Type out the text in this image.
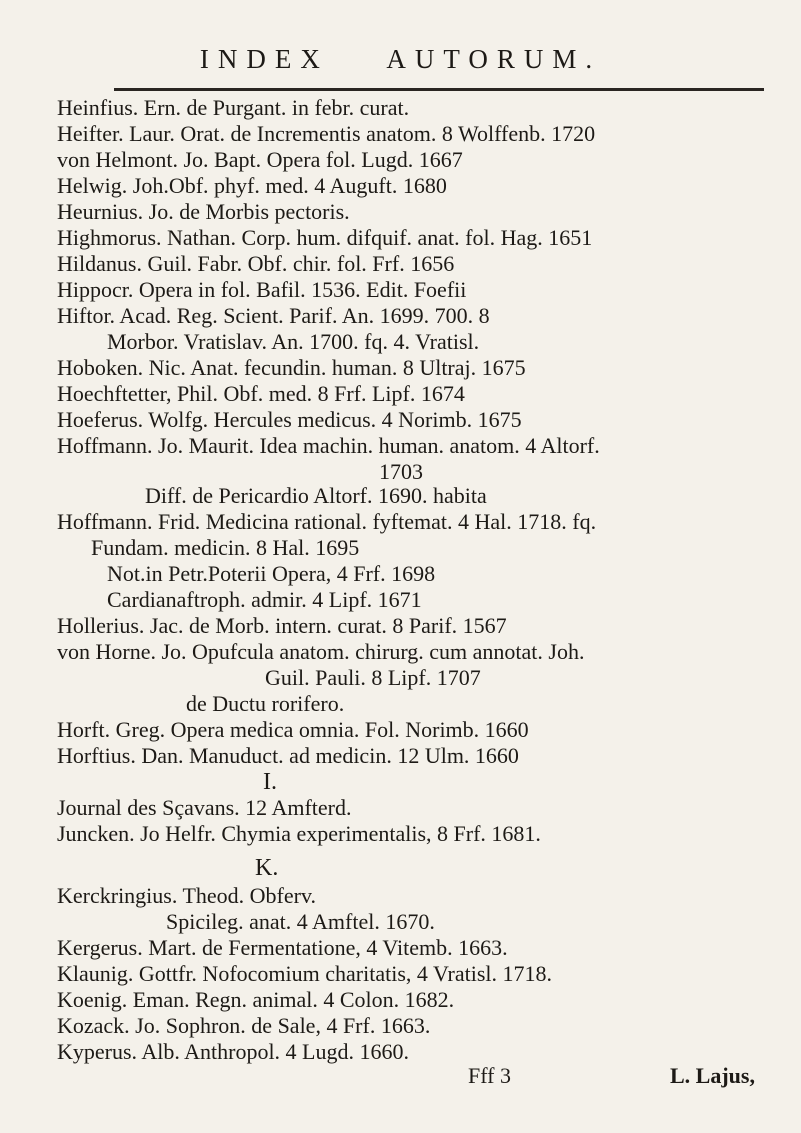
INDEX AUTORUM.
Heinfius. Ern. de Purgant. in febr. curat.
Heifter. Laur. Orat. de Incrementis anatom. 8 Wolffenb. 1720
von Helmont. Jo. Bapt. Opera fol. Lugd. 1667
Helwig. Joh.Obf. phyf. med. 4 Auguft. 1680
Heurnius. Jo. de Morbis pectoris.
Highmorus. Nathan. Corp. hum. difquif. anat. fol. Hag. 1651
Hildanus. Guil. Fabr. Obf. chir. fol. Frf. 1656
Hippocr. Opera in fol. Bafil. 1536. Edit. Foefii
Hiftor. Acad. Reg. Scient. Parif. An. 1699. 700. 8
Morbor. Vratislav. An. 1700. fq. 4. Vratisl.
Hoboken. Nic. Anat. fecundin. human. 8 Ultraj. 1675
Hoechftetter, Phil. Obf. med. 8 Frf. Lipf. 1674
Hoeferus. Wolfg. Hercules medicus. 4 Norimb. 1675
Hoffmann. Jo. Maurit. Idea machin. human. anatom. 4 Altorf.
1703
Diff. de Pericardio Altorf. 1690. habita
Hoffmann. Frid. Medicina rational. fyftemat. 4 Hal. 1718. fq.
Fundam. medicin. 8 Hal. 1695
Not.in Petr.Poterii Opera, 4 Frf. 1698
Cardianaftroph. admir. 4 Lipf. 1671
Hollerius. Jac. de Morb. intern. curat. 8 Parif. 1567
von Horne. Jo. Opufcula anatom. chirurg. cum annotat. Joh.
Guil. Pauli. 8 Lipf. 1707
de Ductu rorifero.
Horft. Greg. Opera medica omnia. Fol. Norimb. 1660
Horftius. Dan. Manuduct. ad medicin. 12 Ulm. 1660
I.
Journal des Sçavans. 12 Amfterd.
Juncken. Jo Helfr. Chymia experimentalis, 8 Frf. 1681.
K.
Kerckringius. Theod. Obferv.
Spicileg. anat. 4 Amftel. 1670.
Kergerus. Mart. de Fermentatione, 4 Vitemb. 1663.
Klaunig. Gottfr. Nofocomium charitatis, 4 Vratisl. 1718.
Koenig. Eman. Regn. animal. 4 Colon. 1682.
Kozack. Jo. Sophron. de Sale, 4 Frf. 1663.
Kyperus. Alb. Anthropol. 4 Lugd. 1660.
Fff 3	L. Lajus,
